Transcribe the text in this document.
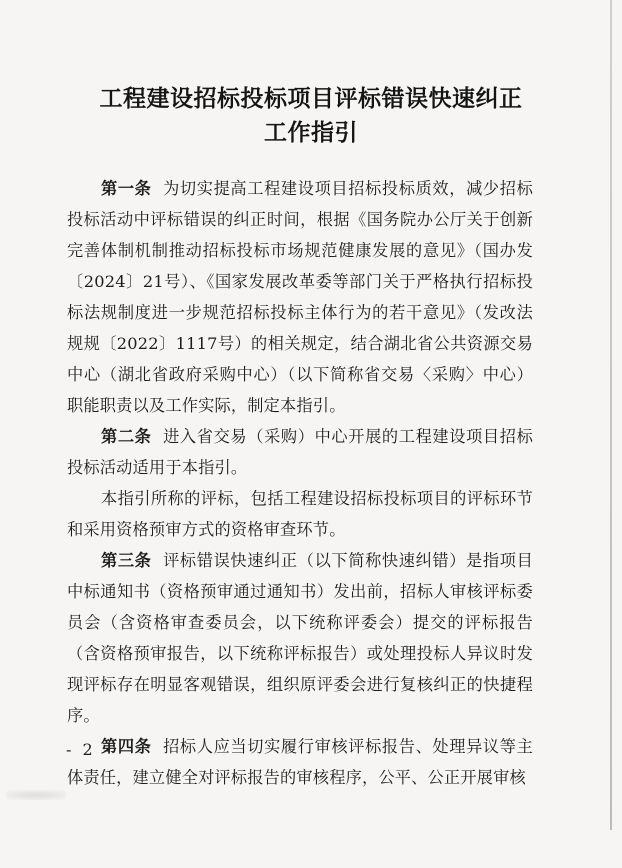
工程建设招标投标项目评标错误快速纠正
工作指引

第一条 为切实提高工程建设项目招标投标质效，减少招标投标活动中评标错误的纠正时间，根据《国务院办公厅关于创新完善体制机制推动招标投标市场规范健康发展的意见》（国办发〔2024〕21号）、《国家发展改革委等部门关于严格执行招标投标法规制度进一步规范招标投标主体行为的若干意见》（发改法规规〔2022〕1117号）的相关规定，结合湖北省公共资源交易中心（湖北省政府采购中心）（以下简称省交易〈采购〉中心）职能职责以及工作实际，制定本指引。

第二条 进入省交易（采购）中心开展的工程建设项目招标投标活动适用于本指引。

本指引所称的评标，包括工程建设招标投标项目的评标环节和采用资格预审方式的资格审查环节。

第三条 评标错误快速纠正（以下简称快速纠错）是指项目中标通知书（资格预审通过通知书）发出前，招标人审核评标委员会（含资格审查委员会，以下统称评委会）提交的评标报告（含资格预审报告，以下统称评标报告）或处理投标人异议时发现评标存在明显客观错误，组织原评委会进行复核纠正的快捷程序。

第四条 招标人应当切实履行审核评标报告、处理异议等主体责任，建立健全对评标报告的审核程序，公平、公正开展审核

- 2 -
